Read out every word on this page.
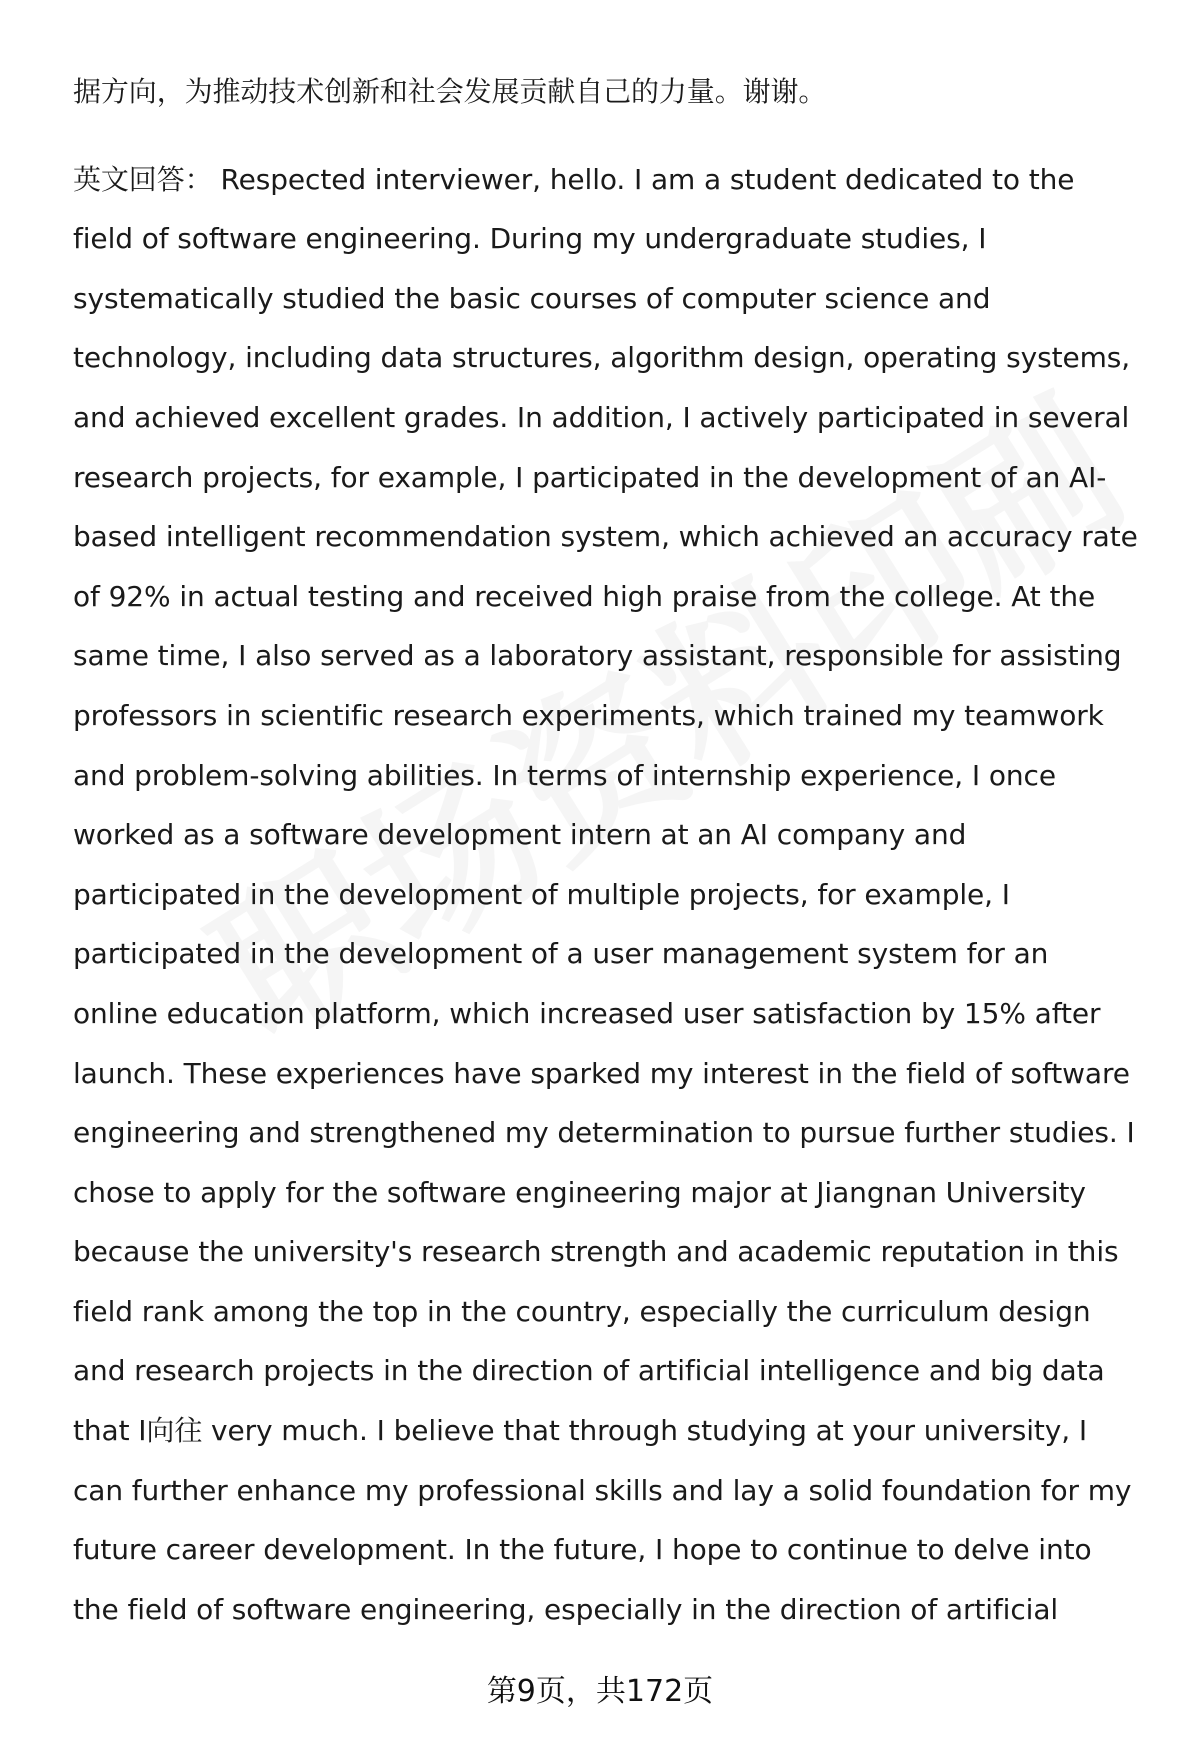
据方向，为推动技术创新和社会发展贡献自己的力量。谢谢。
英文回答： Respected interviewer, hello. I am a student dedicated to the
field of software engineering. During my undergraduate studies, I
systematically studied the basic courses of computer science and
technology, including data structures, algorithm design, operating systems,
and achieved excellent grades. In addition, I actively participated in several
research projects, for example, I participated in the development of an AI-
based intelligent recommendation system, which achieved an accuracy rate
of 92% in actual testing and received high praise from the college. At the
same time, I also served as a laboratory assistant, responsible for assisting
professors in scientific research experiments, which trained my teamwork
and problem-solving abilities. In terms of internship experience, I once
worked as a software development intern at an AI company and
participated in the development of multiple projects, for example, I
participated in the development of a user management system for an
online education platform, which increased user satisfaction by 15% after
launch. These experiences have sparked my interest in the field of software
engineering and strengthened my determination to pursue further studies. I
chose to apply for the software engineering major at Jiangnan University
because the university's research strength and academic reputation in this
field rank among the top in the country, especially the curriculum design
and research projects in the direction of artificial intelligence and big data
that I向往 very much. I believe that through studying at your university, I
can further enhance my professional skills and lay a solid foundation for my
future career development. In the future, I hope to continue to delve into
the field of software engineering, especially in the direction of artificial
第9页，共172页
